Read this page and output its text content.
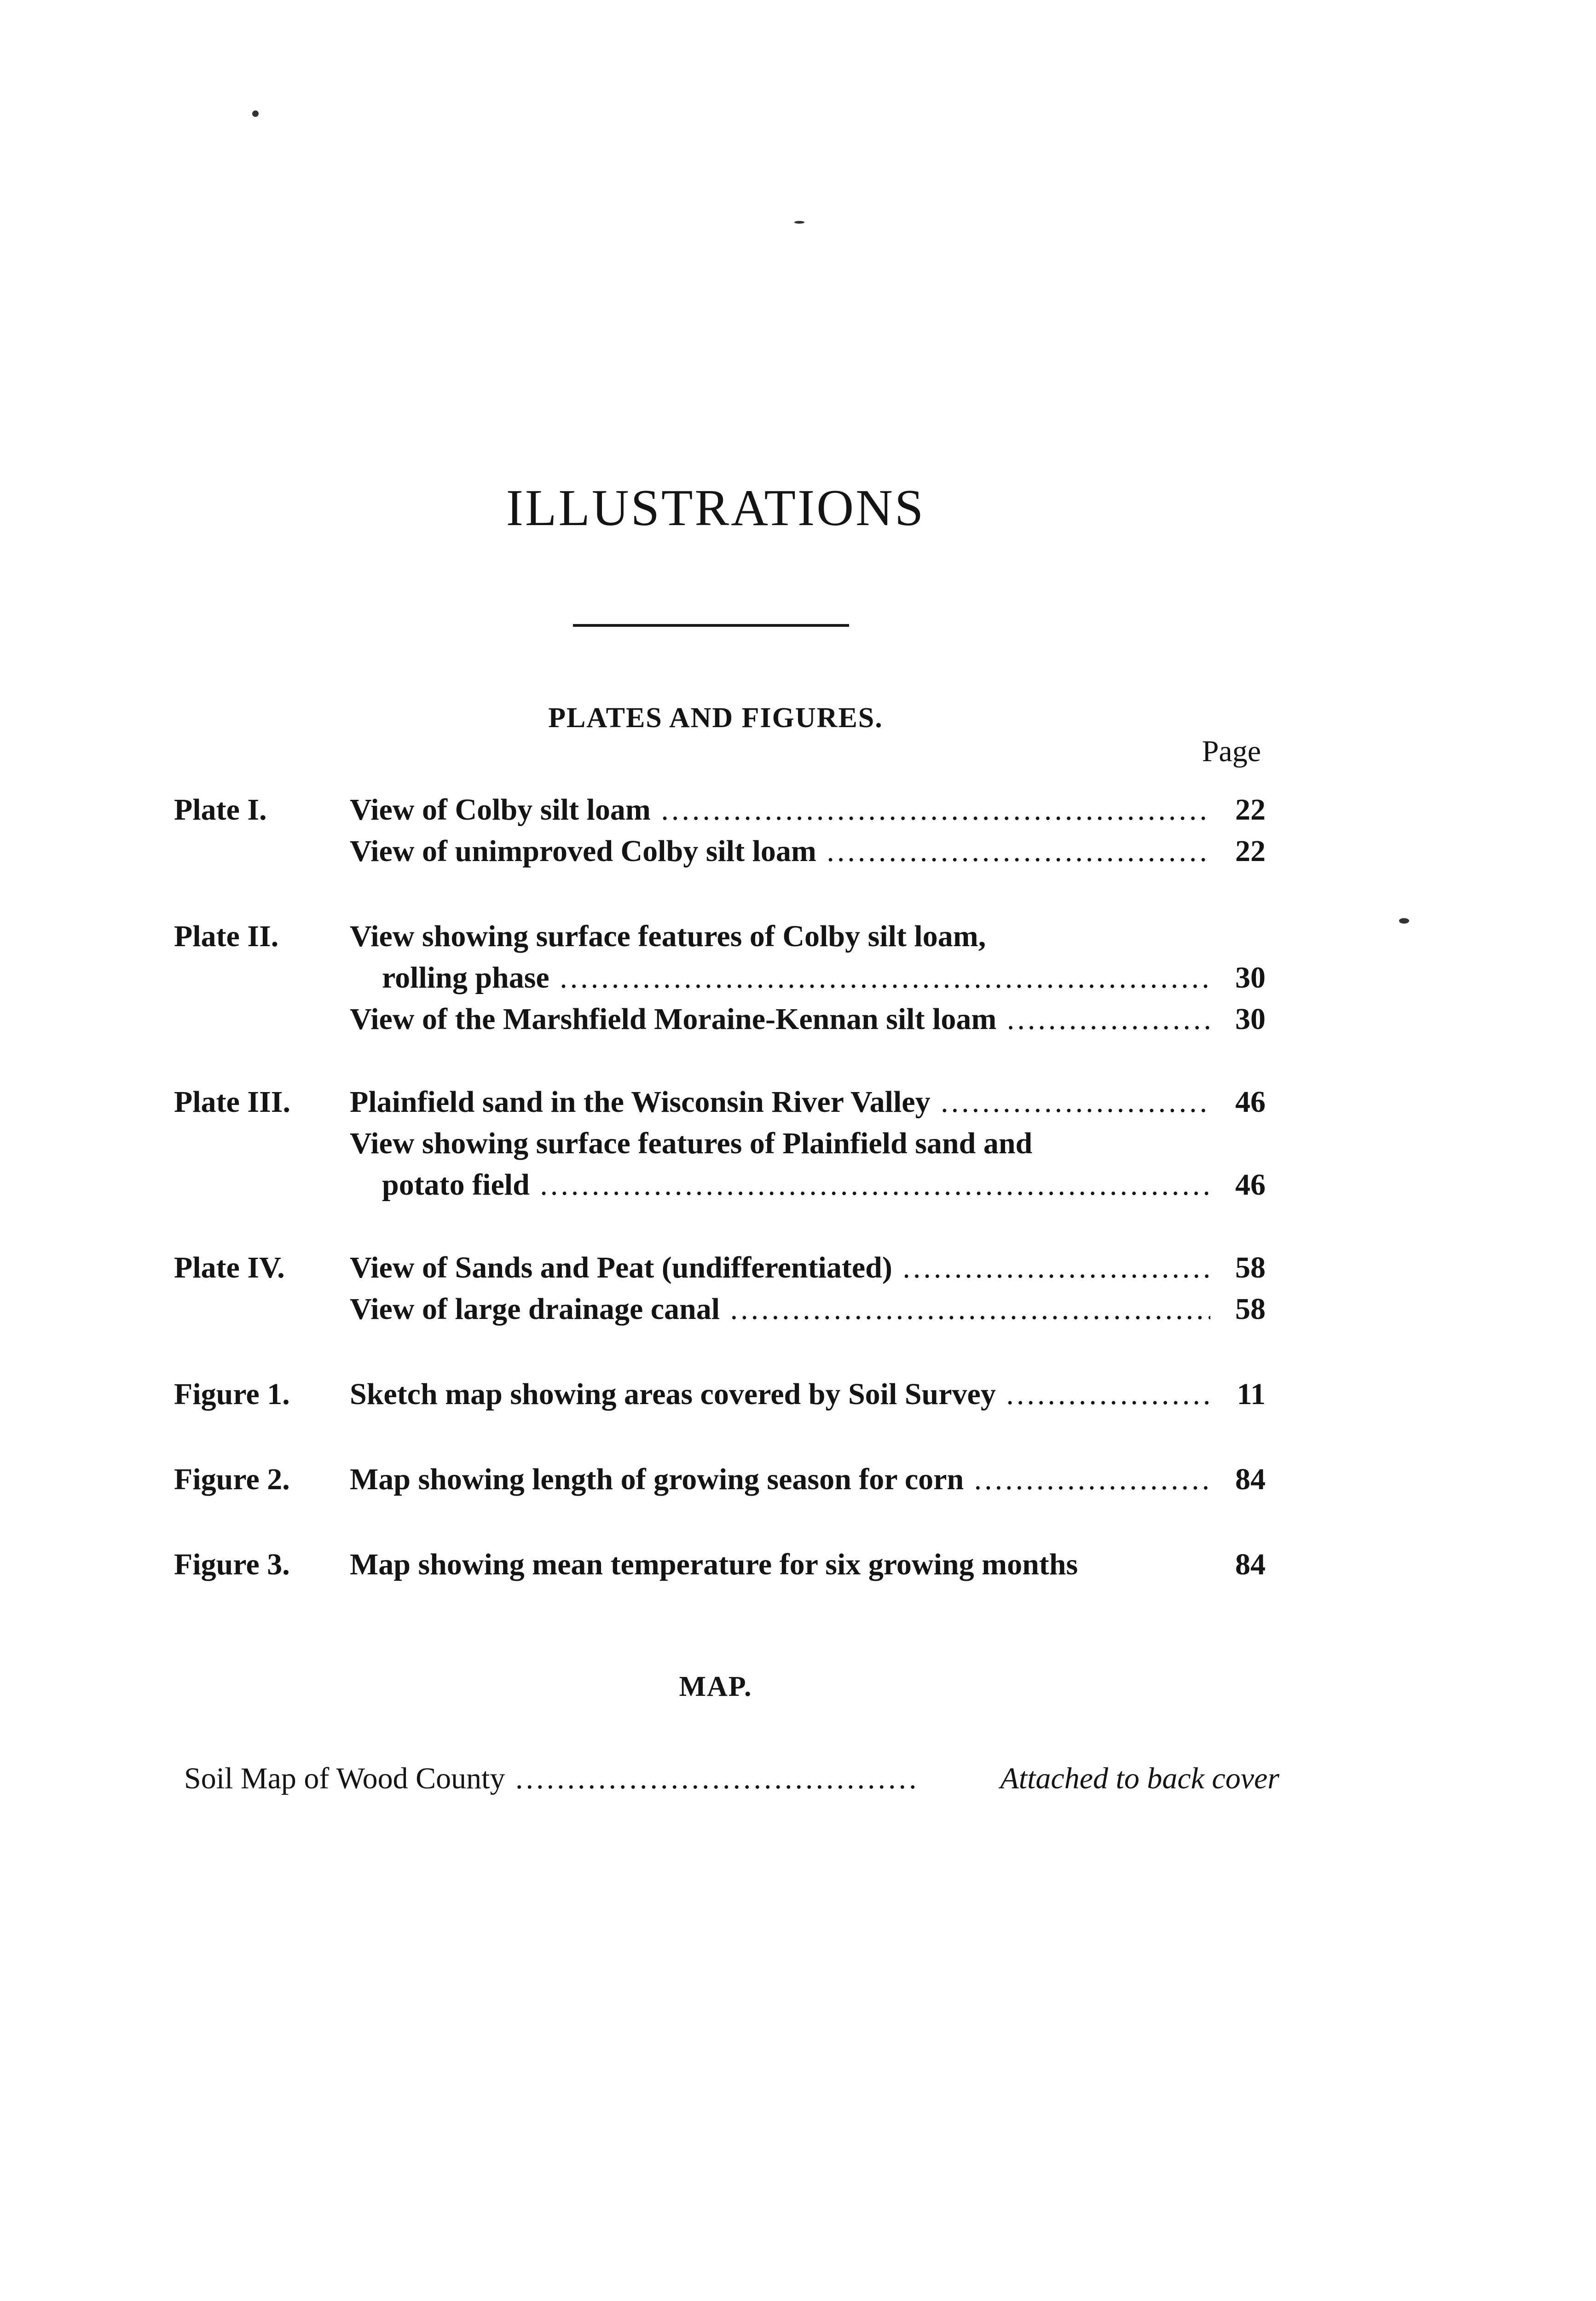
ILLUSTRATIONS
PLATES AND FIGURES.
Page
Plate I.	View of Colby silt loam .....	22
View of unimproved Colby silt loam .....	22
Plate II. View showing surface features of Colby silt loam,
rolling phase .....	30
View of the Marshfield Moraine-Kennan silt loam .....	30
Plate III. Plainfield sand in the Wisconsin River Valley .....	46
View showing surface features of Plainfield sand and
potato field .....	46
Plate IV. View of Sands and Peat (undifferentiated) .....	58
View of large drainage canal .....	58
Figure 1. Sketch map showing areas covered by Soil Survey .....	11
Figure 2. Map showing length of growing season for corn .....	84
Figure 3. Map showing mean temperature for six growing months	84
MAP.
Soil Map of Wood County .....	Attached to back cover
